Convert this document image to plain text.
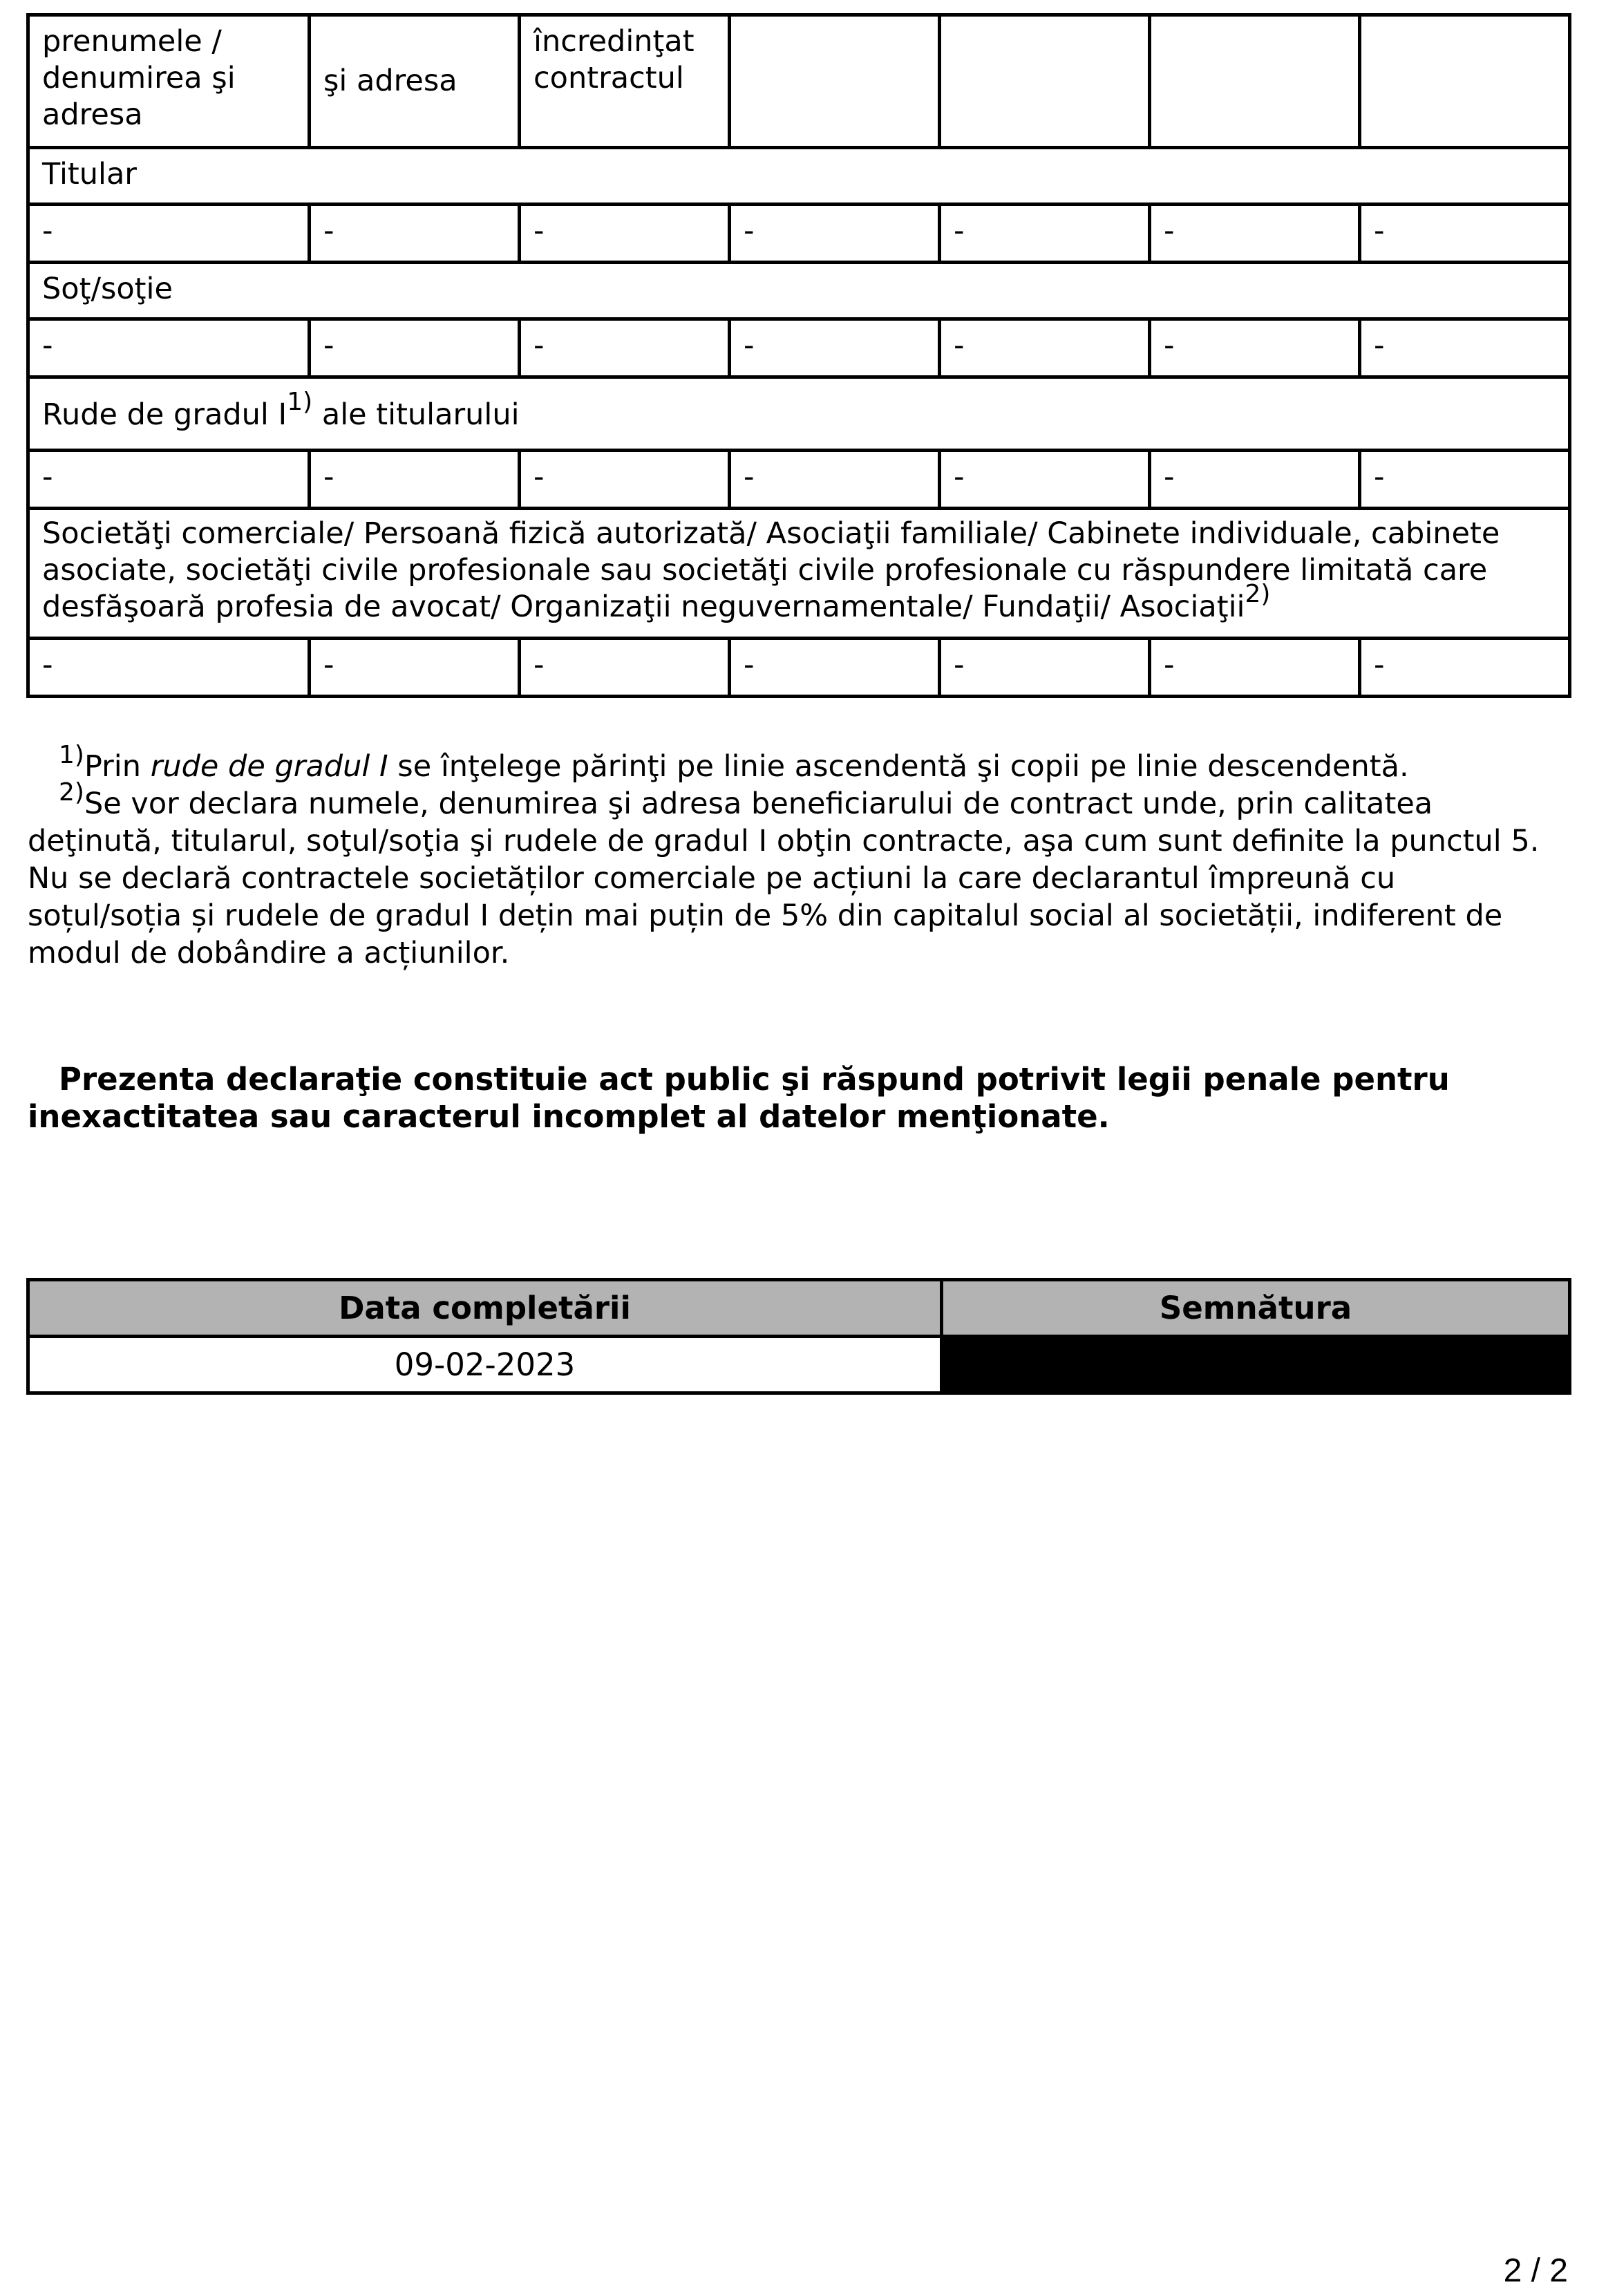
prenumele / denumirea şi adresa	şi adresa	încredinţat contractul				
Titular						
-	-	-	-	-	-	-
Soţ/soţie						
-	-	-	-	-	-	-
Rude de gradul $I^{1)}$ ale titularului						
-	-	-	-	-	-	-
Societăţi comerciale/ Persoană fizică autorizată/ Asociaţii familiale/ Cabinete individuale, cabinete asociate, societăţi civile profesionale sau societăţi civile profesionale cu răspundere limitată care desfăşoară profesia de avocat/ Organizaţii neguvernamentale/ Fundaţii/ Asociaţii$^{2)}$
-	-	-	-	-	-	-

$^{1)}$Prin rude de gradul I se înţelege părinţi pe linie ascendentă şi copii pe linie descendentă.

$^{2)}$Se vor declara numele, denumirea şi adresa beneficiarului de contract unde, prin calitatea deţinută, titularul, soţul/soţia şi rudele de gradul I obţin contracte, aşa cum sunt definite la punctul 5. Nu se declară contractele societăților comerciale pe acțiuni la care declarantul împreună cu soțul/soția și rudele de gradul I dețin mai puțin de 5% din capitalul social al societății, indiferent de modul de dobândire a acțiunilor.

Prezenta declaraţie constituie act public şi răspund potrivit legii penale pentru inexactitatea sau caracterul incomplet al datelor menţionate.

Data completării	Semnătura
09-02-2023	
2 / 2
